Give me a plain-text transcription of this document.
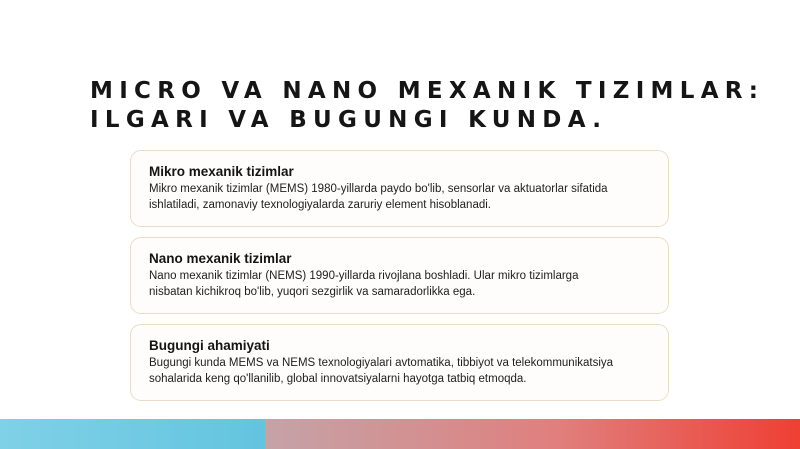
MICRO VA NANO MEXANIK TIZIMLAR:
ILGARI VA BUGUNGI KUNDA.

Mikro mexanik tizimlar

Mikro mexanik tizimlar (MEMS) 1980-yillarda paydo bo'lib, sensorlar va aktuatorlar sifatida

ishlatiladi, zamonaviy texnologiyalarda zaruriy element hisoblanadi.

Nano mexanik tizimlar

Nano mexanik tizimlar (NEMS) 1990-yillarda rivojlana boshladi. Ular mikro tizimlarga

nisbatan kichikroq bo'lib, yuqori sezgirlik va samaradorlikka ega.

Bugungi ahamiyati

Bugungi kunda MEMS va NEMS texnologiyalari avtomatika, tibbiyot va telekommunikatsiya

sohalarida keng qo'llanilib, global innovatsiyalarni hayotga tatbiq etmoqda.
